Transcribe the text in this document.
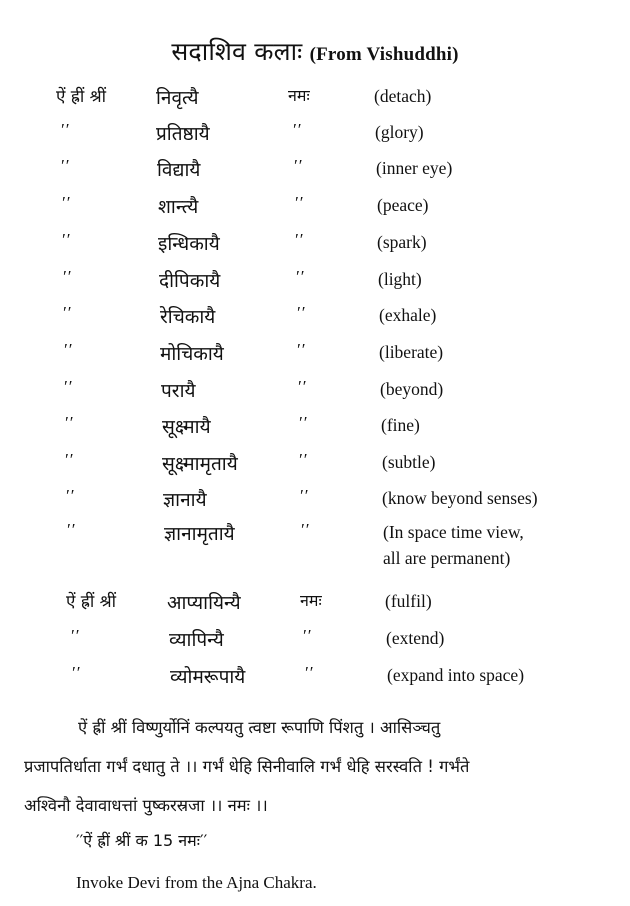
सदाशिव कलाः (From Vishuddhi)
ऐं ह्रीं श्रीं	निवृत्यै	नमः	(detach)
′′	प्रतिष्ठायै	′′	(glory)
′′	विद्यायै	′′	(inner eye)
′′	शान्त्यै	′′	(peace)
′′	इन्धिकायै	′′	(spark)
′′	दीपिकायै	′′	(light)
′′	रेचिकायै	′′	(exhale)
′′	मोचिकायै	′′	(liberate)
′′	परायै	′′	(beyond)
′′	सूक्ष्मायै	′′	(fine)
′′	सूक्ष्मामृतायै	′′	(subtle)
′′	ज्ञानायै	′′	(know beyond senses)
′′	ज्ञानामृतायै	′′	(In space time view,
all are permanent)
ऐं ह्रीं श्रीं	आप्यायिन्यै	नमः	(fulfil)
′′	व्यापिन्यै	′′	(extend)
′′	व्योमरूपायै	′′	(expand into space)

ऐं ह्रीं श्रीं विष्णुर्योनिं कल्पयतु त्वष्टा रूपाणि पिंशतु । आसिञ्चतु

प्रजापतिर्धाता गर्भं दधातु ते ।। गर्भं धेहि सिनीवालि गर्भं धेहि सरस्वति ! गर्भंते

अश्विनौ देवावाधत्तां पुष्करस्रजा ।। नमः ।।

′′ऐं ह्रीं श्रीं क 15 नमः′′
Invoke Devi from the Ajna Chakra.
